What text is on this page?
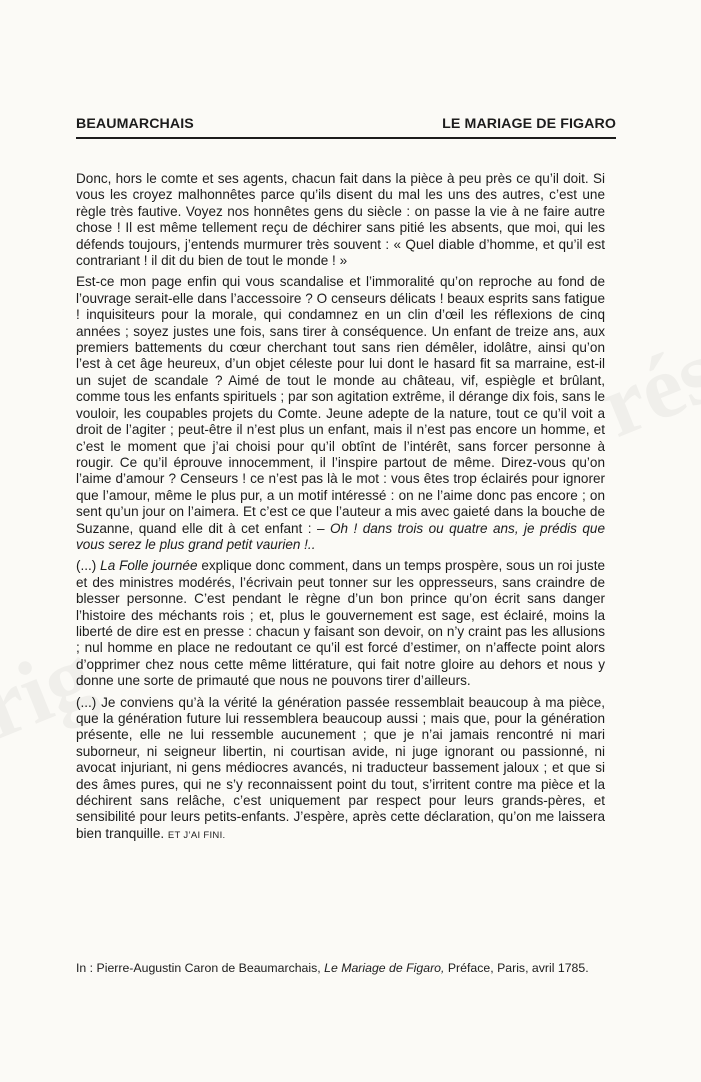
BEAUMARCHAIS	LE MARIAGE DE FIGARO

Donc, hors le comte et ses agents, chacun fait dans la pièce à peu près ce qu’il doit. Si vous les croyez malhonnêtes parce qu’ils disent du mal les uns des autres, c’est une règle très fautive. Voyez nos honnêtes gens du siècle : on passe la vie à ne faire autre chose ! Il est même tellement reçu de déchirer sans pitié les absents, que moi, qui les défends toujours, j’entends murmurer très souvent : « Quel diable d’homme, et qu’il est contrariant ! il dit du bien de tout le monde ! »

Est-ce mon page enfin qui vous scandalise et l’immoralité qu’on reproche au fond de l’ouvrage serait-elle dans l’accessoire ? O censeurs délicats ! beaux esprits sans fatigue ! inquisiteurs pour la morale, qui condamnez en un clin d’œil les réflexions de cinq années ; soyez justes une fois, sans tirer à conséquence. Un enfant de treize ans, aux premiers battements du cœur cherchant tout sans rien démêler, idolâtre, ainsi qu’on l’est à cet âge heureux, d’un objet céleste pour lui dont le hasard fit sa marraine, est-il un sujet de scandale ? Aimé de tout le monde au château, vif, espiègle et brûlant, comme tous les enfants spirituels ; par son agitation extrême, il dérange dix fois, sans le vouloir, les coupables projets du Comte. Jeune adepte de la nature, tout ce qu’il voit a droit de l’agiter ; peut-être il n’est plus un enfant, mais il n’est pas encore un homme, et c’est le moment que j’ai choisi pour qu’il obtînt de l’intérêt, sans forcer personne à rougir. Ce qu’il éprouve innocemment, il l’inspire partout de même. Direz-vous qu’on l’aime d’amour ? Censeurs ! ce n’est pas là le mot : vous êtes trop éclairés pour ignorer que l’amour, même le plus pur, a un motif intéressé : on ne l’aime donc pas encore ; on sent qu’un jour on l’aimera. Et c’est ce que l’auteur a mis avec gaieté dans la bouche de Suzanne, quand elle dit à cet enfant : – Oh ! dans trois ou quatre ans, je prédis que vous serez le plus grand petit vaurien !..

(...) La Folle journée explique donc comment, dans un temps prospère, sous un roi juste et des ministres modérés, l’écrivain peut tonner sur les oppresseurs, sans craindre de blesser personne. C’est pendant le règne d’un bon prince qu’on écrit sans danger l’histoire des méchants rois ; et, plus le gouvernement est sage, est éclairé, moins la liberté de dire est en presse : chacun y faisant son devoir, on n’y craint pas les allusions ; nul homme en place ne redoutant ce qu’il est forcé d’estimer, on n’affecte point alors d’opprimer chez nous cette même littérature, qui fait notre gloire au dehors et nous y donne une sorte de primauté que nous ne pouvons tirer d’ailleurs.

(...) Je conviens qu’à la vérité la génération passée ressemblait beaucoup à ma pièce, que la génération future lui ressemblera beaucoup aussi ; mais que, pour la génération présente, elle ne lui ressemble aucunement ; que je n’ai jamais rencontré ni mari suborneur, ni seigneur libertin, ni courtisan avide, ni juge ignorant ou passionné, ni avocat injuriant, ni gens médiocres avancés, ni traducteur bassement jaloux ; et que si des âmes pures, qui ne s’y reconnaissent point du tout, s’irritent contre ma pièce et la déchirent sans relâche, c’est uniquement par respect pour leurs grands-pères, et sensibilité pour leurs petits-enfants. J’espère, après cette déclaration, qu’on me laissera bien tranquille. ET J’AI FINI.

In : Pierre-Augustin Caron de Beaumarchais, Le Mariage de Figaro, Préface, Paris, avril 1785.
